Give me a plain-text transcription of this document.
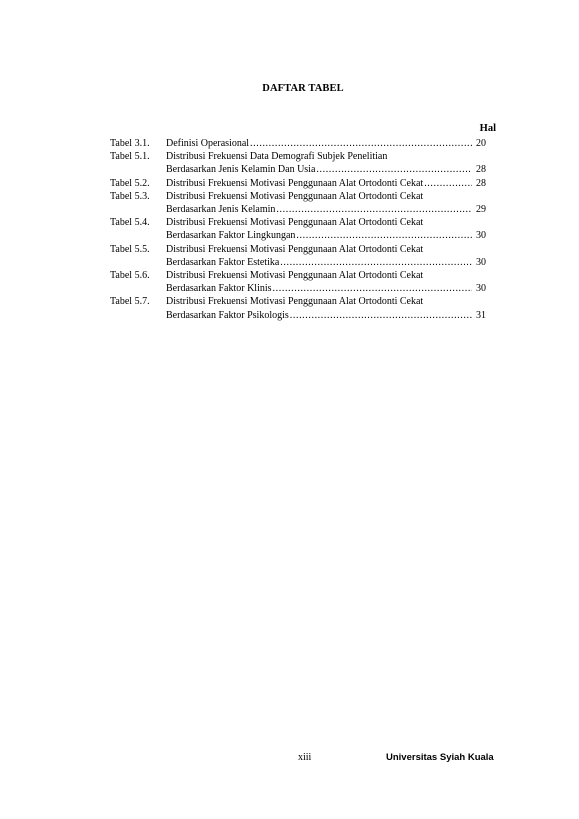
DAFTAR TABEL
Hal
Tabel 3.1.	Definisi Operasional .....	20
Tabel 5.1.	Distribusi Frekuensi Data Demografi Subjek Penelitian
Berdasarkan Jenis Kelamin Dan Usia .....	28
Tabel 5.2.	Distribusi Frekuensi Motivasi Penggunaan Alat Ortodonti Cekat .....	28
Tabel 5.3.	Distribusi Frekuensi Motivasi Penggunaan Alat Ortodonti Cekat
Berdasarkan Jenis Kelamin .....	29
Tabel 5.4.	Distribusi Frekuensi Motivasi Penggunaan Alat Ortodonti Cekat
Berdasarkan Faktor Lingkungan .....	30
Tabel 5.5.	Distribusi Frekuensi Motivasi Penggunaan Alat Ortodonti Cekat
Berdasarkan Faktor Estetika .....	30
Tabel 5.6.	Distribusi Frekuensi Motivasi Penggunaan Alat Ortodonti Cekat
Berdasarkan Faktor Klinis .....	30
Tabel 5.7.	Distribusi Frekuensi Motivasi Penggunaan Alat Ortodonti Cekat
Berdasarkan Faktor Psikologis .....	31
xiii	Universitas Syiah Kuala
